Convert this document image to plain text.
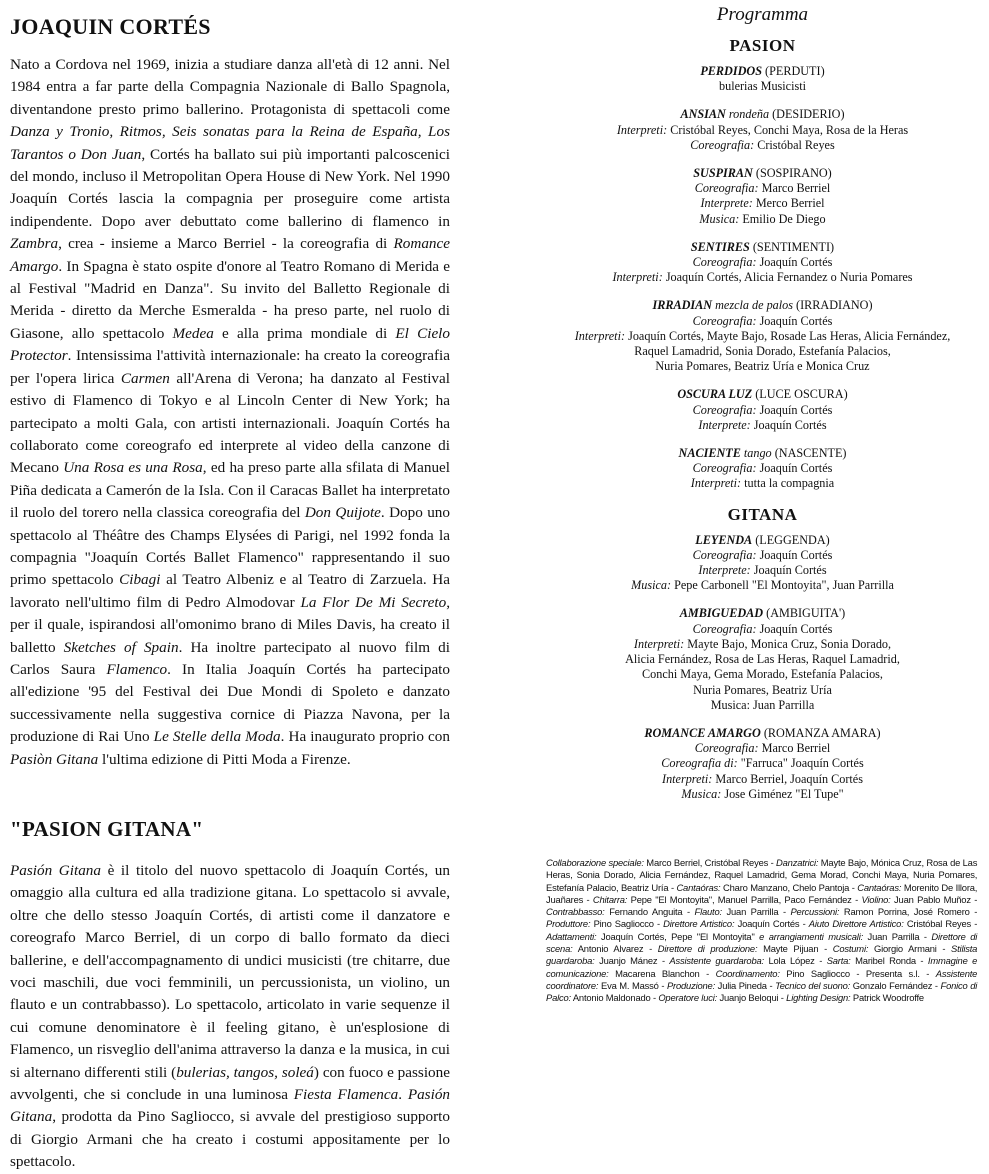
JOAQUIN CORTÉS

Nato a Cordova nel 1969, inizia a studiare danza all'età di 12 anni. Nel 1984 entra a far parte della Compagnia Nazionale di Ballo Spagnola, diventandone presto primo ballerino. Protagonista di spettacoli come Danza y Tronio, Ritmos, Seis sonatas para la Reina de España, Los Tarantos o Don Juan, Cortés ha ballato sui più importanti palcoscenici del mondo, incluso il Metropolitan Opera House di New York. Nel 1990 Joaquín Cortés lascia la compagnia per proseguire come artista indipendente. Dopo aver debuttato come ballerino di flamenco in Zambra, crea - insieme a Marco Berriel - la coreografia di Romance Amargo. In Spagna è stato ospite d'onore al Teatro Romano di Merida e al Festival "Madrid en Danza". Su invito del Balletto Regionale di Merida - diretto da Merche Esmeralda - ha preso parte, nel ruolo di Giasone, allo spettacolo Medea e alla prima mondiale di El Cielo Protector. Intensissima l'attività internazionale: ha creato la coreografia per l'opera lirica Carmen all'Arena di Verona; ha danzato al Festival estivo di Flamenco di Tokyo e al Lincoln Center di New York; ha partecipato a molti Gala, con artisti internazionali. Joaquín Cortés ha collaborato come coreografo ed interprete al video della canzone di Mecano Una Rosa es una Rosa, ed ha preso parte alla sfilata di Manuel Piña dedicata a Camerón de la Isla. Con il Caracas Ballet ha interpretato il ruolo del torero nella classica coreografia del Don Quijote. Dopo uno spettacolo al Théâtre des Champs Elysées di Parigi, nel 1992 fonda la compagnia "Joaquín Cortés Ballet Flamenco" rappresentando il suo primo spettacolo Cibagi al Teatro Albeniz e al Teatro di Zarzuela. Ha lavorato nell'ultimo film di Pedro Almodovar La Flor De Mi Secreto, per il quale, ispirandosi all'omonimo brano di Miles Davis, ha creato il balletto Sketches of Spain. Ha inoltre partecipato al nuovo film di Carlos Saura Flamenco. In Italia Joaquín Cortés ha partecipato all'edizione '95 del Festival dei Due Mondi di Spoleto e danzato successivamente nella suggestiva cornice di Piazza Navona, per la produzione di Rai Uno Le Stelle della Moda. Ha inaugurato proprio con Pasiòn Gitana l'ultima edizione di Pitti Moda a Firenze.

"PASION GITANA"

Pasión Gitana è il titolo del nuovo spettacolo di Joaquín Cortés, un omaggio alla cultura ed alla tradizione gitana. Lo spettacolo si avvale, oltre che dello stesso Joaquín Cortés, di artisti come il danzatore e coreografo Marco Berriel, di un corpo di ballo formato da dieci ballerine, e dell'accompagnamento di undici musicisti (tre chitarre, due voci maschili, due voci femminili, un percussionista, un violino, un flauto e un contrabbasso). Lo spettacolo, articolato in varie sequenze il cui comune denominatore è il feeling gitano, è un'esplosione di Flamenco, un risveglio dell'anima attraverso la danza e la musica, in cui si alternano differenti stili (bulerias, tangos, soleá) con fuoco e passione avvolgenti, che si conclude in una luminosa Fiesta Flamenca. Pasión Gitana, prodotta da Pino Sagliocco, si avvale del prestigioso supporto di Giorgio Armani che ha creato i costumi appositamente per lo spettacolo.

Programma
PASION
PERDIDOS (PERDUTI)
bulerias Musicisti
ANSIAN rondeña (DESIDERIO)
Interpreti: Cristóbal Reyes, Conchi Maya, Rosa de la Heras
Coreografia: Cristóbal Reyes
SUSPIRAN (SOSPIRANO)
Coreografia: Marco Berriel
Interprete: Merco Berriel
Musica: Emilio De Diego
SENTIRES (SENTIMENTI)
Coreografia: Joaquín Cortés
Interpreti: Joaquín Cortés, Alicia Fernandez o Nuria Pomares
IRRADIAN mezcla de palos (IRRADIANO)
Coreografia: Joaquín Cortés
Interpreti: Joaquín Cortés, Mayte Bajo, Rosade Las Heras, Alicia Fernández,
Raquel Lamadrid, Sonia Dorado, Estefanía Palacios,
Nuria Pomares, Beatriz Uría e Monica Cruz
OSCURA LUZ (LUCE OSCURA)
Coreografia: Joaquín Cortés
Interprete: Joaquín Cortés
NACIENTE tango (NASCENTE)
Coreografia: Joaquín Cortés
Interpreti: tutta la compagnia
GITANA
LEYENDA (LEGGENDA)
Coreografia: Joaquín Cortés
Interprete: Joaquín Cortés
Musica: Pepe Carbonell "El Montoyita", Juan Parrilla
AMBIGUEDAD (AMBIGUITA')
Coreografia: Joaquín Cortés
Interpreti: Mayte Bajo, Monica Cruz, Sonia Dorado,
Alicia Fernández, Rosa de Las Heras, Raquel Lamadrid,
Conchi Maya, Gema Morado, Estefanía Palacios,
Nuria Pomares, Beatriz Uría
Musica: Juan Parrilla
ROMANCE AMARGO (ROMANZA AMARA)
Coreografia: Marco Berriel
Coreografia di: "Farruca" Joaquín Cortés
Interpreti: Marco Berriel, Joaquín Cortés
Musica: Jose Giménez "El Tupe"
Collaborazione speciale: Marco Berriel, Cristóbal Reyes - Danzatrici: Mayte Bajo, Mónica Cruz, Rosa de Las Heras, Sonia Dorado, Alicia Fernández, Raquel Lamadrid, Gema Morad, Conchi Maya, Nuria Pomares, Estefanía Palacio, Beatriz Uría - Cantaóras: Charo Manzano, Chelo Pantoja - Cantaóras: Morenito De Illora, Juañares - Chitarra: Pepe "El Montoyita", Manuel Parrilla, Paco Fernández - Violino: Juan Pablo Muñoz - Contrabbasso: Fernando Anguita - Flauto: Juan Parrilla - Percussioni: Ramon Porrina, José Romero - Produttore: Pino Sagliocco - Direttore Artistico: Joaquín Cortés - Aiuto Direttore Artistico: Cristóbal Reyes - Adattamenti: Joaquín Cortés, Pepe "El Montoyita" e arrangiamenti musicali: Juan Parrilla - Direttore di scena: Antonio Alvarez - Direttore di produzione: Mayte Pijuan - Costumi: Giorgio Armani - Stilista guardaroba: Juanjo Mánez - Assistente guardaroba: Lola López - Sarta: Maribel Ronda - Immagine e comunicazione: Macarena Blanchon - Coordinamento: Pino Sagliocco - Presenta s.l. - Assistente coordinatore: Eva M. Massó - Produzione: Julia Pineda - Tecnico del suono: Gonzalo Fernández - Fonico di Palco: Antonio Maldonado - Operatore luci: Juanjo Beloqui - Lighting Design: Patrick Woodroffe
